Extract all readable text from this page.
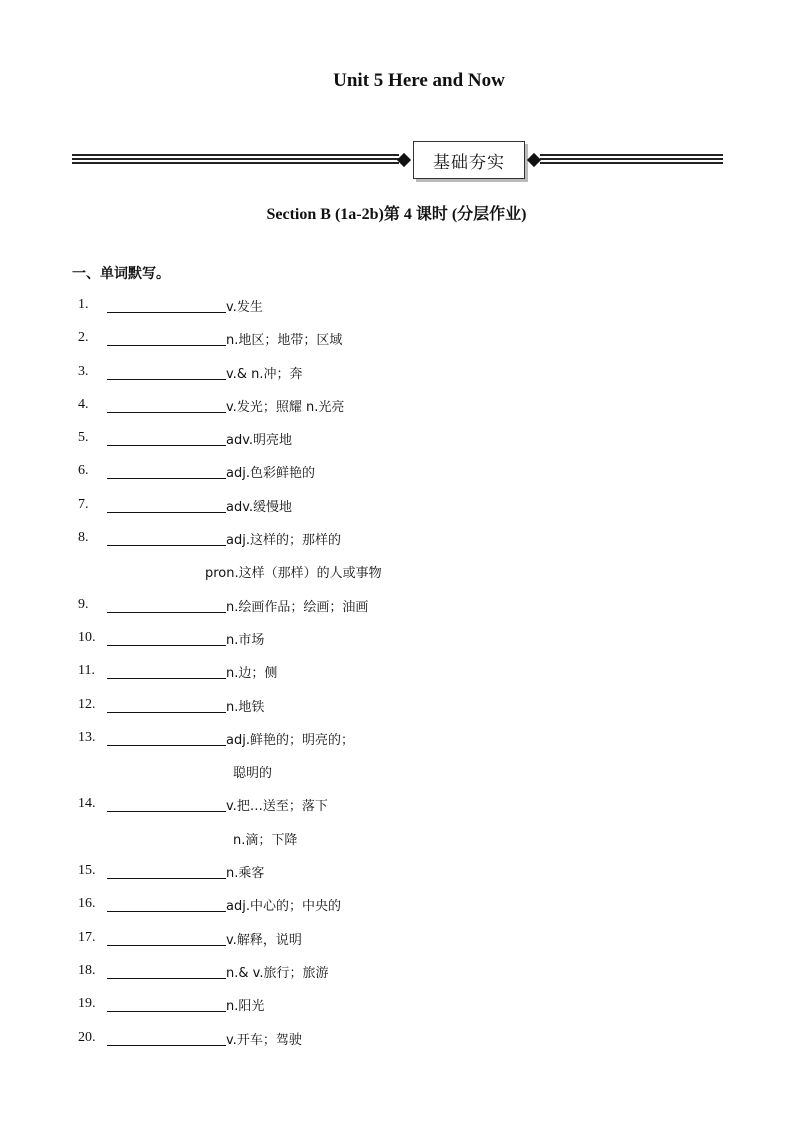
Unit 5 Here and Now
基础夯实
Section B (1a-2b)第 4 课时 (分层作业)
一、单词默写。
1.	v.发生
2.	n.地区；地带；区域
3.	v.& n.冲；奔
4.	v.发光；照耀 n.光亮
5.	adv.明亮地
6.	adj.色彩鲜艳的
7.	adv.缓慢地
8.	adj.这样的；那样的
pron.这样（那样）的人或事物
9.	n.绘画作品；绘画；油画
10.	n.市场
11.	n.边；侧
12.	n.地铁
13.	adj.鲜艳的；明亮的；
聪明的
14.	v.把…送至；落下
n.滴；下降
15.	n.乘客
16.	adj.中心的；中央的
17.	v.解释，说明
18.	n.& v.旅行；旅游
19.	n.阳光
20.	v.开车；驾驶
